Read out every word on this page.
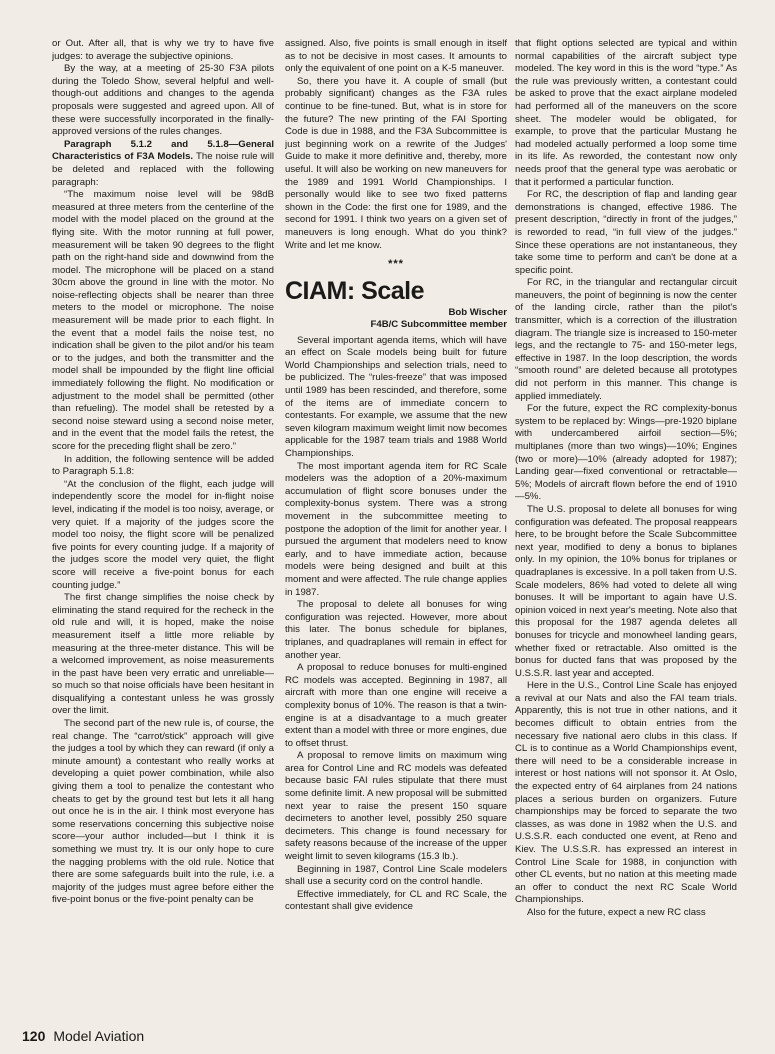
or Out. After all, that is why we try to have five judges: to average the subjective opinions.

By the way, at a meeting of 25-30 F3A pilots during the Toledo Show, several helpful and well-though-out additions and changes to the agenda proposals were suggested and agreed upon. All of these were successfully incorporated in the finally-approved versions of the rules changes.

Paragraph 5.1.2 and 5.1.8—General Characteristics of F3A Models. The noise rule will be deleted and replaced with the following paragraph:

“The maximum noise level will be 98dB measured at three meters from the centerline of the model with the model placed on the ground at the flying site. With the motor running at full power, measurement will be taken 90 degrees to the flight path on the right-hand side and downwind from the model. The microphone will be placed on a stand 30cm above the ground in line with the motor. No noise-reflecting objects shall be nearer than three meters to the model or microphone. The noise measurement will be made prior to each flight. In the event that a model fails the noise test, no indication shall be given to the pilot and/or his team or to the judges, and both the transmitter and the model shall be impounded by the flight line official immediately following the flight. No modification or adjustment to the model shall be permitted (other than refueling). The model shall be retested by a second noise steward using a second noise meter, and in the event that the model fails the retest, the score for the preceding flight shall be zero.”

In addition, the following sentence will be added to Paragraph 5.1.8:

“At the conclusion of the flight, each judge will independently score the model for in-flight noise level, indicating if the model is too noisy, average, or very quiet. If a majority of the judges score the model too noisy, the flight score will be penalized five points for every counting judge. If a majority of the judges score the model very quiet, the flight score will receive a five-point bonus for each counting judge.”

The first change simplifies the noise check by eliminating the stand required for the recheck in the old rule and will, it is hoped, make the noise measurement itself a little more reliable by measuring at the three-meter distance. This will be a welcomed improvement, as noise measurements in the past have been very erratic and unreliable—so much so that noise officials have been hesitant in disqualifying a contestant unless he was grossly over the limit.

The second part of the new rule is, of course, the real change. The “carrot/stick” approach will give the judges a tool by which they can reward (if only a minute amount) a contestant who really works at developing a quiet power combination, while also giving them a tool to penalize the contestant who cheats to get by the ground test but lets it all hang out once he is in the air. I think most everyone has some reservations concerning this subjective noise score—your author included—but I think it is something we must try. It is our only hope to cure the nagging problems with the old rule. Notice that there are some safeguards built into the rule, i.e. a majority of the judges must agree before either the five-point bonus or the five-point penalty can be

assigned. Also, five points is small enough in itself as to not be decisive in most cases. It amounts to only the equivalent of one point on a K-5 maneuver.

So, there you have it. A couple of small (but probably significant) changes as the F3A rules continue to be fine-tuned. But, what is in store for the future? The new printing of the FAI Sporting Code is due in 1988, and the F3A Subcommittee is just beginning work on a rewrite of the Judges' Guide to make it more definitive and, thereby, more useful. It will also be working on new maneuvers for the 1989 and 1991 World Championships. I personally would like to see two fixed patterns shown in the Code: the first one for 1989, and the second for 1991. I think two years on a given set of maneuvers is long enough. What do you think? Write and let me know.

***
CIAM: Scale
Bob Wischer
F4B/C Subcommittee member

Several important agenda items, which will have an effect on Scale models being built for future World Championships and selection trials, need to be publicized. The “rules-freeze” that was imposed until 1989 has been rescinded, and therefore, some of the items are of immediate concern to contestants. For example, we assume that the new seven kilogram maximum weight limit now becomes applicable for the 1987 team trials and 1988 World Championships.

The most important agenda item for RC Scale modelers was the adoption of a 20%-maximum accumulation of flight score bonuses under the complexity-bonus system. There was a strong movement in the subcommittee meeting to postpone the adoption of the limit for another year. I pursued the argument that modelers need to know early, and to have immediate action, because models were being designed and built at this moment and were affected. The rule change applies in 1987.

The proposal to delete all bonuses for wing configuration was rejected. However, more about this later. The bonus schedule for biplanes, triplanes, and quadraplanes will remain in effect for another year.

A proposal to reduce bonuses for multi-engined RC models was accepted. Beginning in 1987, all aircraft with more than one engine will receive a complexity bonus of 10%. The reason is that a twin-engine is at a disadvantage to a much greater extent than a model with three or more engines, due to offset thrust.

A proposal to remove limits on maximum wing area for Control Line and RC models was defeated because basic FAI rules stipulate that there must some definite limit. A new proposal will be submitted next year to raise the present 150 square decimeters to another level, possibly 250 square decimeters. This change is found necessary for safety reasons because of the increase of the upper weight limit to seven kilograms (15.3 lb.).

Beginning in 1987, Control Line Scale modelers shall use a security cord on the control handle.

Effective immediately, for CL and RC Scale, the contestant shall give evidence

that flight options selected are typical and within normal capabilities of the aircraft subject type modeled. The key word in this is the word “type.” As the rule was previously written, a contestant could be asked to prove that the exact airplane modeled had performed all of the maneuvers on the score sheet. The modeler would be obligated, for example, to prove that the particular Mustang he had modeled actually performed a loop some time in its life. As reworded, the contestant now only needs proof that the general type was aerobatic or that it performed a particular function.

For RC, the description of flap and landing gear demonstrations is changed, effective 1986. The present description, “directly in front of the judges,” is reworded to read, “in full view of the judges.” Since these operations are not instantaneous, they take some time to perform and can't be done at a specific point.

For RC, in the triangular and rectangular circuit maneuvers, the point of beginning is now the center of the landing circle, rather than the pilot's transmitter, which is a correction of the illustration diagram. The triangle size is increased to 150-meter legs, and the rectangle to 75- and 150-meter legs, effective in 1987. In the loop description, the words “smooth round” are deleted because all prototypes did not perform in this manner. This change is applied immediately.

For the future, expect the RC complexity-bonus system to be replaced by: Wings—pre-1920 biplane with undercambered airfoil section—5%; multiplanes (more than two wings)—10%; Engines (two or more)—10% (already adopted for 1987); Landing gear—fixed conventional or retractable—5%; Models of aircraft flown before the end of 1910—5%.

The U.S. proposal to delete all bonuses for wing configuration was defeated. The proposal reappears here, to be brought before the Scale Subcommittee next year, modified to deny a bonus to biplanes only. In my opinion, the 10% bonus for triplanes or quadraplanes is excessive. In a poll taken from U.S. Scale modelers, 86% had voted to delete all wing bonuses. It will be important to again have U.S. opinion voiced in next year's meeting. Note also that this proposal for the 1987 agenda deletes all bonuses for tricycle and monowheel landing gears, whether fixed or retractable. Also omitted is the bonus for ducted fans that was proposed by the U.S.S.R. last year and accepted.

Here in the U.S., Control Line Scale has enjoyed a revival at our Nats and also the FAI team trials. Apparently, this is not true in other nations, and it becomes difficult to obtain entries from the necessary five national aero clubs in this class. If CL is to continue as a World Championships event, there will need to be a considerable increase in interest or host nations will not sponsor it. At Oslo, the expected entry of 64 airplanes from 24 nations places a serious burden on organizers. Future championships may be forced to separate the two classes, as was done in 1982 when the U.S. and U.S.S.R. each conducted one event, at Reno and Kiev. The U.S.S.R. has expressed an interest in Control Line Scale for 1988, in conjunction with other CL events, but no nation at this meeting made an offer to conduct the next RC Scale World Championships.

Also for the future, expect a new RC class

120 Model Aviation
